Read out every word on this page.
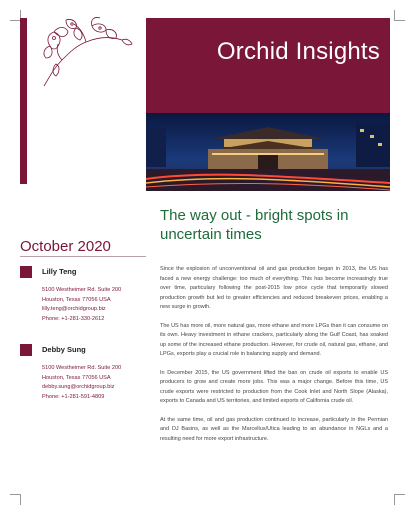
Orchid Insights
The way out - bright spots in uncertain times
October 2020
Lilly Teng
5100 Westheimer Rd. Suite 200
Houston, Texas 77056 USA
lilly.teng@orchidgroup.biz
Phone: +1-281-330-2612
Debby Sung
5100 Westheimer Rd. Suite 200
Houston, Texas 77056 USA
debby.sung@orchidgroup.biz
Phone: +1-281-591-4809

Since the explosion of unconventional oil and gas production began in 2013, the US has faced a new energy challenge: too much of everything. This has become increasingly true over time, particulary following the post-2015 low price cycle that temporarily slowed production growth but led to greater efficiencies and reduced breakeven prices, enabling a new surge in growth.

The US has more oil, more natural gas, more ethane and more LPGs than it can consume on its own. Heavy investment in ethane crackers, particularly along the Gulf Coast, has soaked up some of the increased ethane production. However, for crude oil, natural gas, ethane, and LPGs, exports play a crucial role in balancing supply and demand.

In December 2015, the US government lifted the ban on crude oil exports to enable US producers to grow and create more jobs. This was a major change. Before this time, US crude exports were restricted to production from the Cook Inlet and North Slope (Alaska), exports to Canada and US territories, and limited exports of California crude oil.

At the same time, oil and gas production continued to increase, particularly in the Permian and DJ Basins, as well as the Marcellus/Utica leading to an abundance in NGLs and a resulting need for more export infrastructure.
